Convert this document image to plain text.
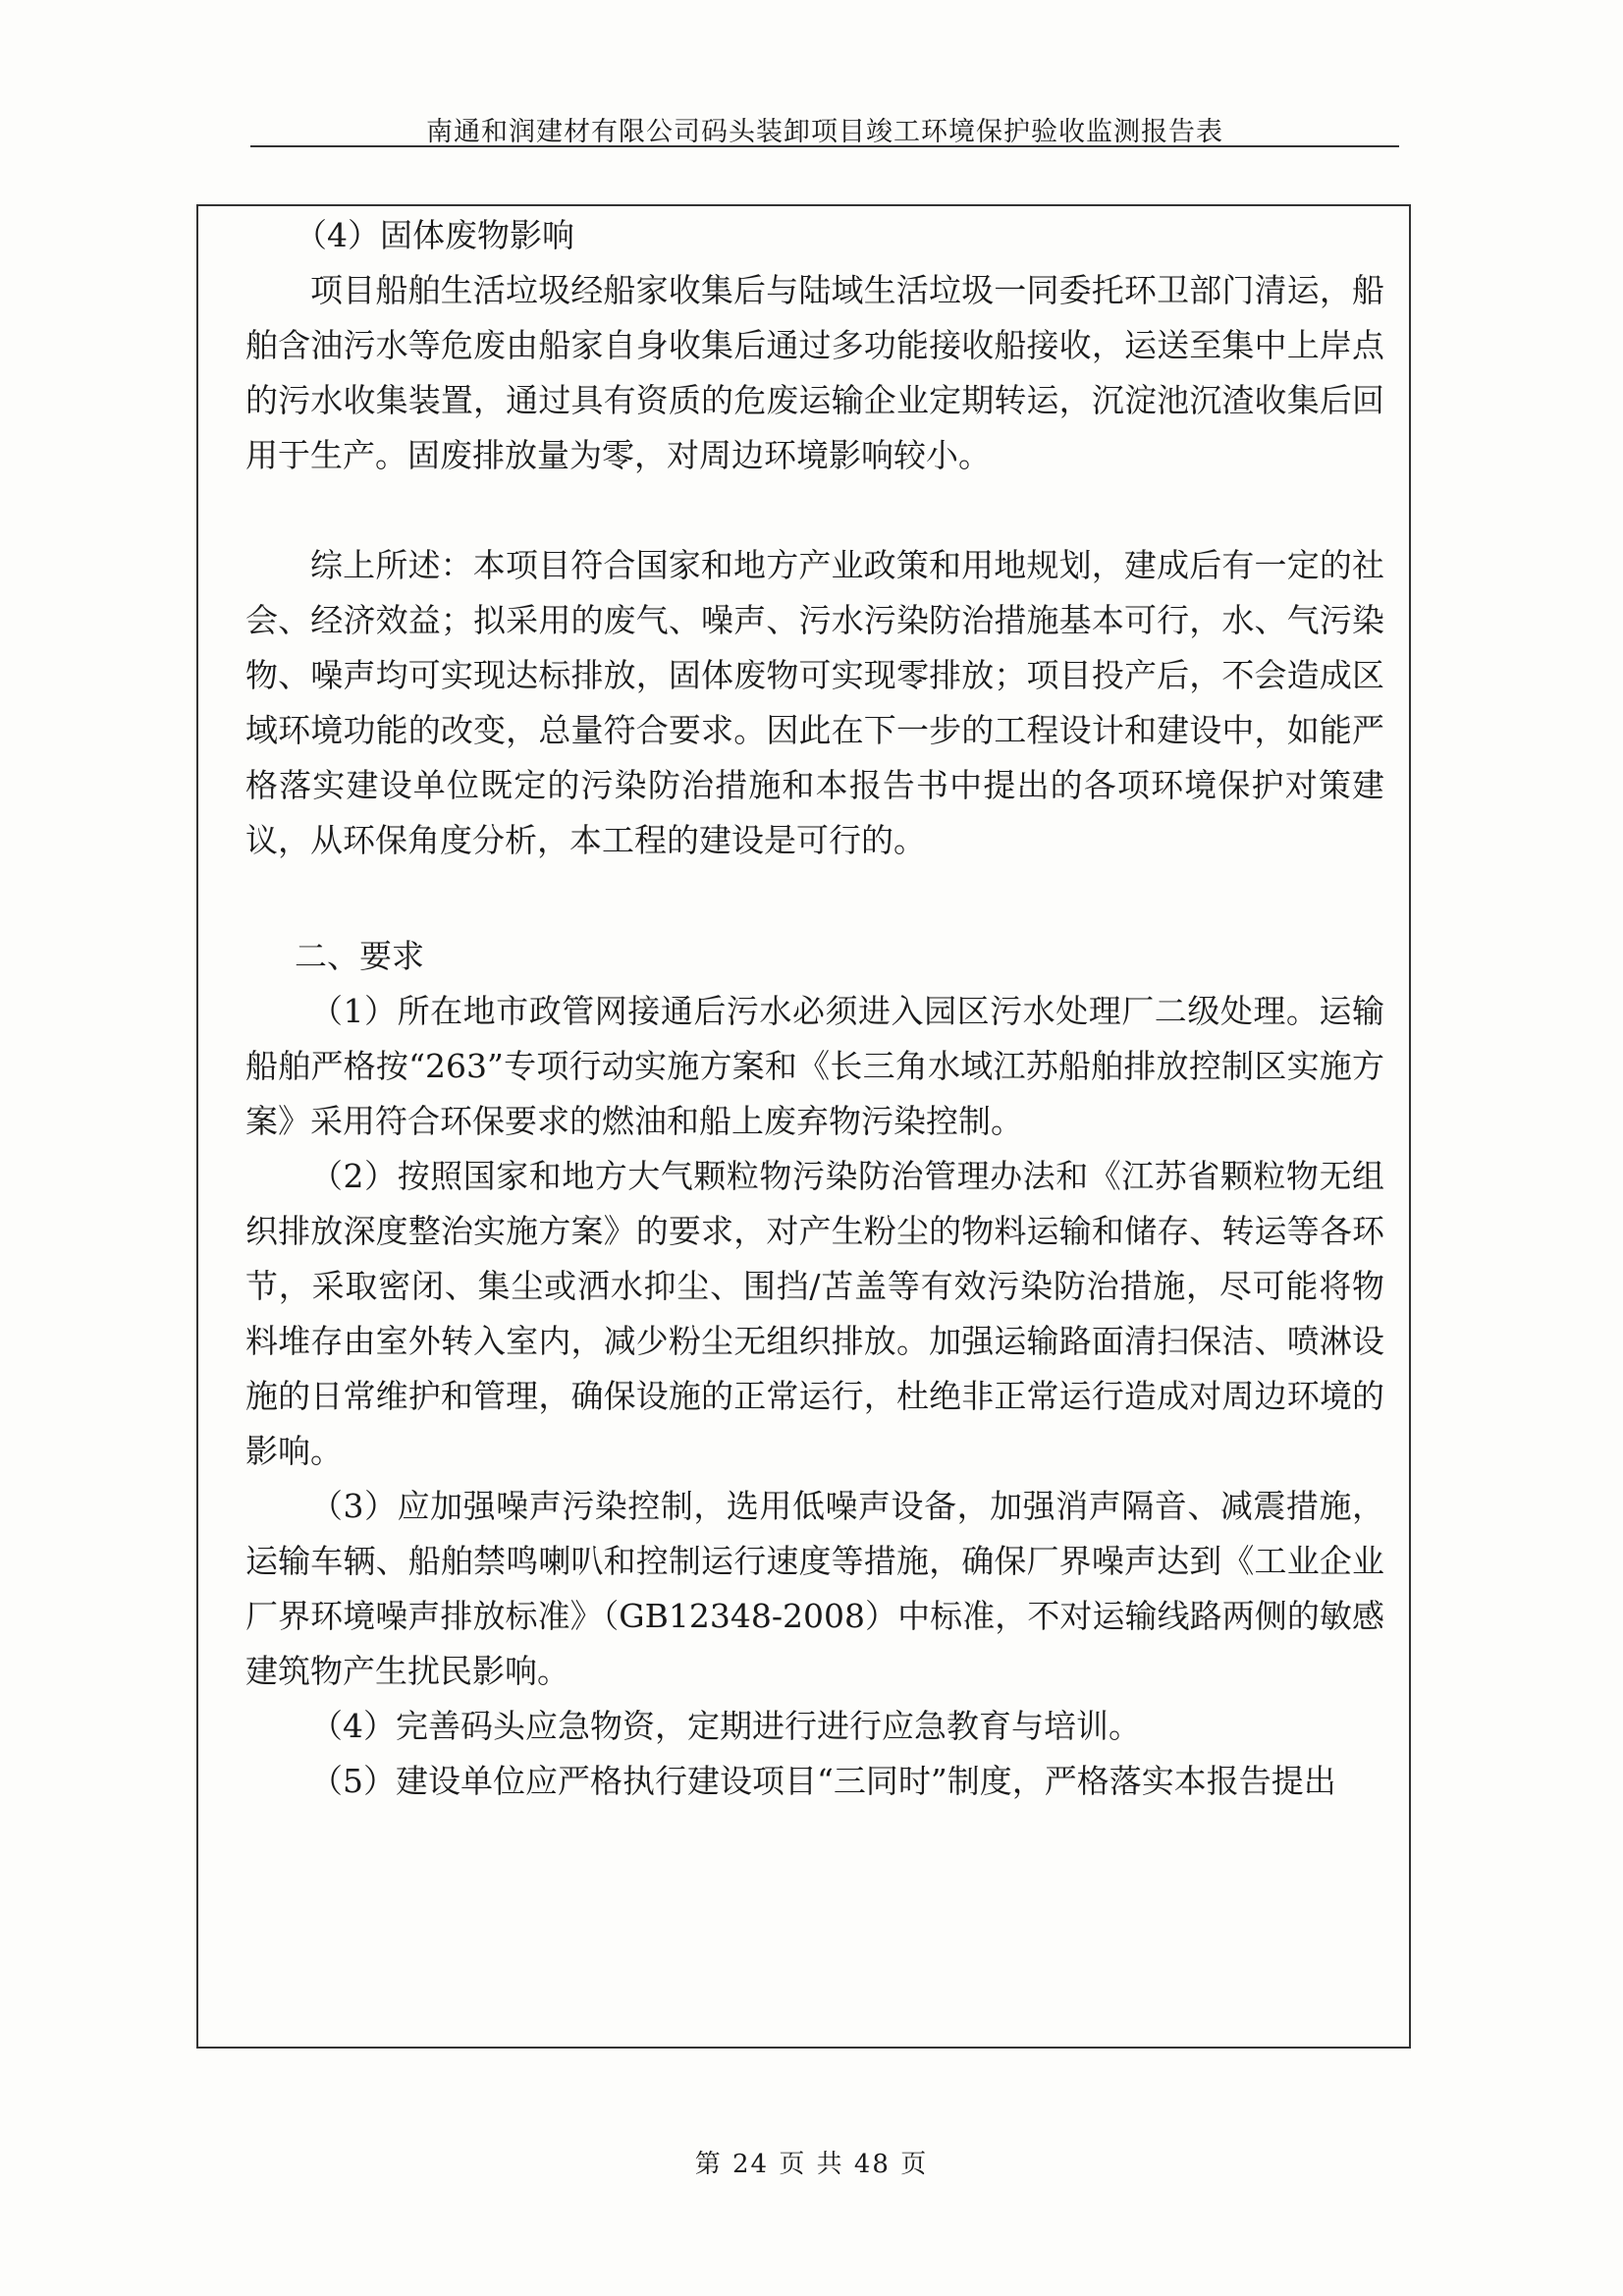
南通和润建材有限公司码头装卸项目竣工环境保护验收监测报告表

（4）固体废物影响

项目船舶生活垃圾经船家收集后与陆域生活垃圾一同委托环卫部门清运，船舶含油污水等危废由船家自身收集后通过多功能接收船接收，运送至集中上岸点的污水收集装置，通过具有资质的危废运输企业定期转运，沉淀池沉渣收集后回用于生产。固废排放量为零，对周边环境影响较小。

综上所述：本项目符合国家和地方产业政策和用地规划，建成后有一定的社会、经济效益；拟采用的废气、噪声、污水污染防治措施基本可行，水、气污染物、噪声均可实现达标排放，固体废物可实现零排放；项目投产后，不会造成区域环境功能的改变，总量符合要求。因此在下一步的工程设计和建设中，如能严格落实建设单位既定的污染防治措施和本报告书中提出的各项环境保护对策建议，从环保角度分析，本工程的建设是可行的。

二、要求

（1）所在地市政管网接通后污水必须进入园区污水处理厂二级处理。运输船舶严格按“263”专项行动实施方案和《长三角水域江苏船舶排放控制区实施方案》采用符合环保要求的燃油和船上废弃物污染控制。

（2）按照国家和地方大气颗粒物污染防治管理办法和《江苏省颗粒物无组织排放深度整治实施方案》的要求，对产生粉尘的物料运输和储存、转运等各环节，采取密闭、集尘或洒水抑尘、围挡/苫盖等有效污染防治措施，尽可能将物料堆存由室外转入室内，减少粉尘无组织排放。加强运输路面清扫保洁、喷淋设施的日常维护和管理，确保设施的正常运行，杜绝非正常运行造成对周边环境的影响。

（3）应加强噪声污染控制，选用低噪声设备，加强消声隔音、减震措施，运输车辆、船舶禁鸣喇叭和控制运行速度等措施，确保厂界噪声达到《工业企业厂界环境噪声排放标准》（GB12348-2008）中标准，不对运输线路两侧的敏感建筑物产生扰民影响。

（4）完善码头应急物资，定期进行进行应急教育与培训。

（5）建设单位应严格执行建设项目“三同时”制度，严格落实本报告提出

第 24 页 共 48 页
